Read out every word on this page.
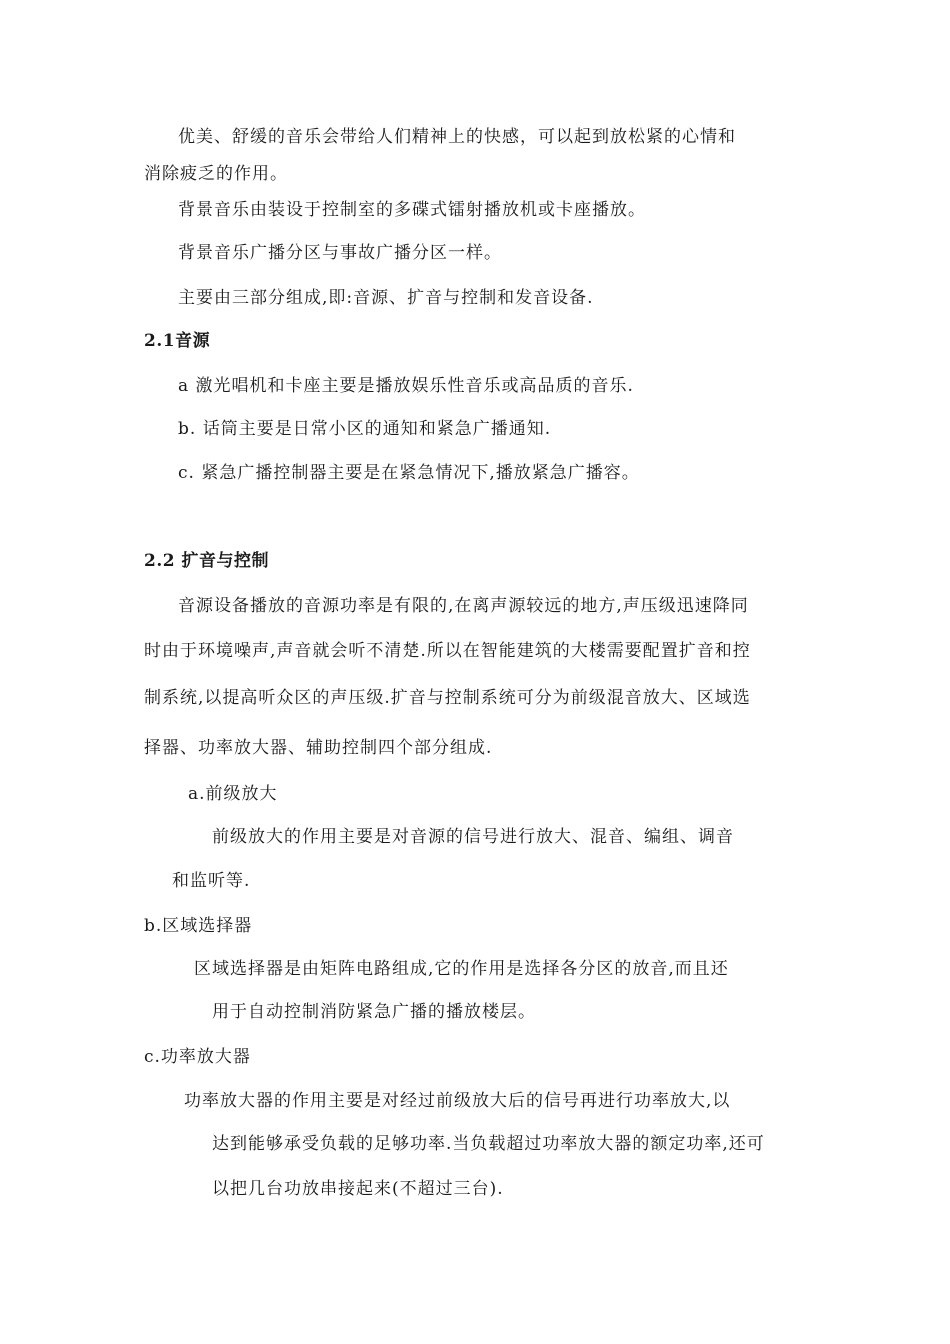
优美、舒缓的音乐会带给人们精神上的快感，可以起到放松紧的心情和
消除疲乏的作用。
背景音乐由装设于控制室的多碟式镭射播放机或卡座播放。
背景音乐广播分区与事故广播分区一样。
主要由三部分组成,即:音源、扩音与控制和发音设备.
2.1音源
a 激光唱机和卡座主要是播放娱乐性音乐或高品质的音乐.
b. 话筒主要是日常小区的通知和紧急广播通知.
c. 紧急广播控制器主要是在紧急情况下,播放紧急广播容。
2.2 扩音与控制
音源设备播放的音源功率是有限的,在离声源较远的地方,声压级迅速降同
时由于环境噪声,声音就会听不清楚.所以在智能建筑的大楼需要配置扩音和控
制系统,以提高听众区的声压级.扩音与控制系统可分为前级混音放大、区域选
择器、功率放大器、辅助控制四个部分组成.
a.前级放大
前级放大的作用主要是对音源的信号进行放大、混音、编组、调音
和监听等.
b.区域选择器
区域选择器是由矩阵电路组成,它的作用是选择各分区的放音,而且还
用于自动控制消防紧急广播的播放楼层。
c.功率放大器
功率放大器的作用主要是对经过前级放大后的信号再进行功率放大,以
达到能够承受负载的足够功率.当负载超过功率放大器的额定功率,还可
以把几台功放串接起来(不超过三台).
